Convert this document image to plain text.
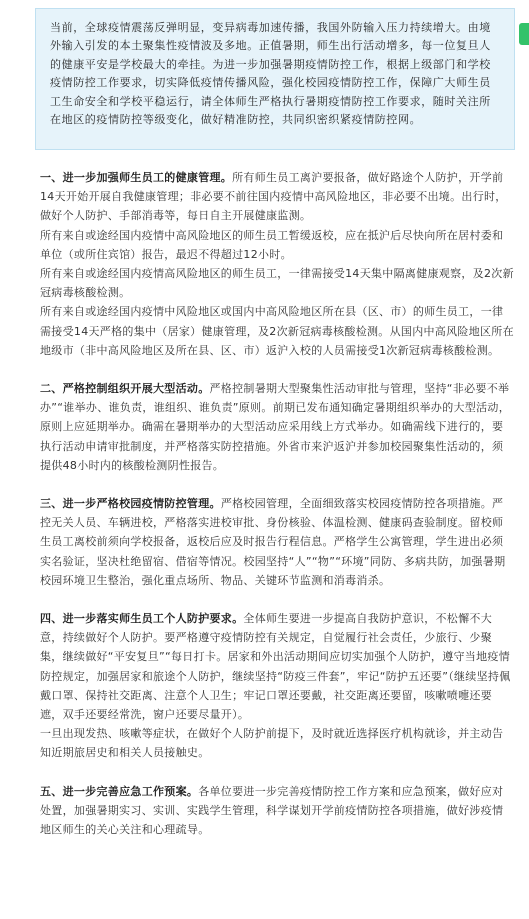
当前，全球疫情震荡反弹明显，变异病毒加速传播，我国外防输入压力持续增大。由境外输入引发的本土聚集性疫情波及多地。正值暑期，师生出行活动增多，每一位复旦人的健康平安是学校最大的牵挂。为进一步加强暑期疫情防控工作，根据上级部门和学校疫情防控工作要求，切实降低疫情传播风险，强化校园疫情防控工作，保障广大师生员工生命安全和学校平稳运行，请全体师生严格执行暑期疫情防控工作要求，随时关注所在地区的疫情防控等级变化，做好精准防控，共同织密织紧疫情防控网。

一、进一步加强师生员工的健康管理。所有师生员工离沪要报备，做好路途个人防护，开学前14天开始开展自我健康管理；非必要不前往国内疫情中高风险地区，非必要不出境。出行时，做好个人防护、手部消毒等，每日自主开展健康监测。

所有来自或途经国内疫情中高风险地区的师生员工暂缓返校，应在抵沪后尽快向所在居村委和单位（或所住宾馆）报告，最迟不得超过12小时。

所有来自或途经国内疫情高风险地区的师生员工，一律需接受14天集中隔离健康观察，及2次新冠病毒核酸检测。

所有来自或途经国内疫情中风险地区或国内中高风险地区所在县（区、市）的师生员工，一律需接受14天严格的集中（居家）健康管理，及2次新冠病毒核酸检测。从国内中高风险地区所在地级市（非中高风险地区及所在县、区、市）返沪入校的人员需接受1次新冠病毒核酸检测。

二、严格控制组织开展大型活动。严格控制暑期大型聚集性活动审批与管理，坚持“非必要不举办”“谁举办、谁负责，谁组织、谁负责”原则。前期已发布通知确定暑期组织举办的大型活动，原则上应延期举办。确需在暑期举办的大型活动应采用线上方式举办。如确需线下进行的，要执行活动申请审批制度，并严格落实防控措施。外省市来沪返沪并参加校园聚集性活动的，须提供48小时内的核酸检测阴性报告。

三、进一步严格校园疫情防控管理。严格校园管理，全面细致落实校园疫情防控各项措施。严控无关人员、车辆进校，严格落实进校审批、身份核验、体温检测、健康码查验制度。留校师生员工离校前须向学校报备，返校后应及时报告行程信息。严格学生公寓管理，学生进出必须实名验证，坚决杜绝留宿、借宿等情况。校园坚持“人”“物”“环境”同防、多病共防，加强暑期校园环境卫生整治，强化重点场所、物品、关键环节监测和消毒消杀。

四、进一步落实师生员工个人防护要求。全体师生要进一步提高自我防护意识，不松懈不大意，持续做好个人防护。要严格遵守疫情防控有关规定，自觉履行社会责任，少旅行、少聚集，继续做好“平安复旦”“每日打卡。居家和外出活动期间应切实加强个人防护，遵守当地疫情防控规定，加强居家和旅途个人防护，继续坚持“防疫三件套”，牢记“防护五还要”（继续坚持佩戴口罩、保持社交距离、注意个人卫生；牢记口罩还要戴，社交距离还要留，咳嗽喷嚏还要遮，双手还要经常洗，窗户还要尽量开）。

一旦出现发热、咳嗽等症状，在做好个人防护前提下，及时就近选择医疗机构就诊，并主动告知近期旅居史和相关人员接触史。

五、进一步完善应急工作预案。各单位要进一步完善疫情防控工作方案和应急预案，做好应对处置，加强暑期实习、实训、实践学生管理，科学谋划开学前疫情防控各项措施，做好涉疫情地区师生的关心关注和心理疏导。
